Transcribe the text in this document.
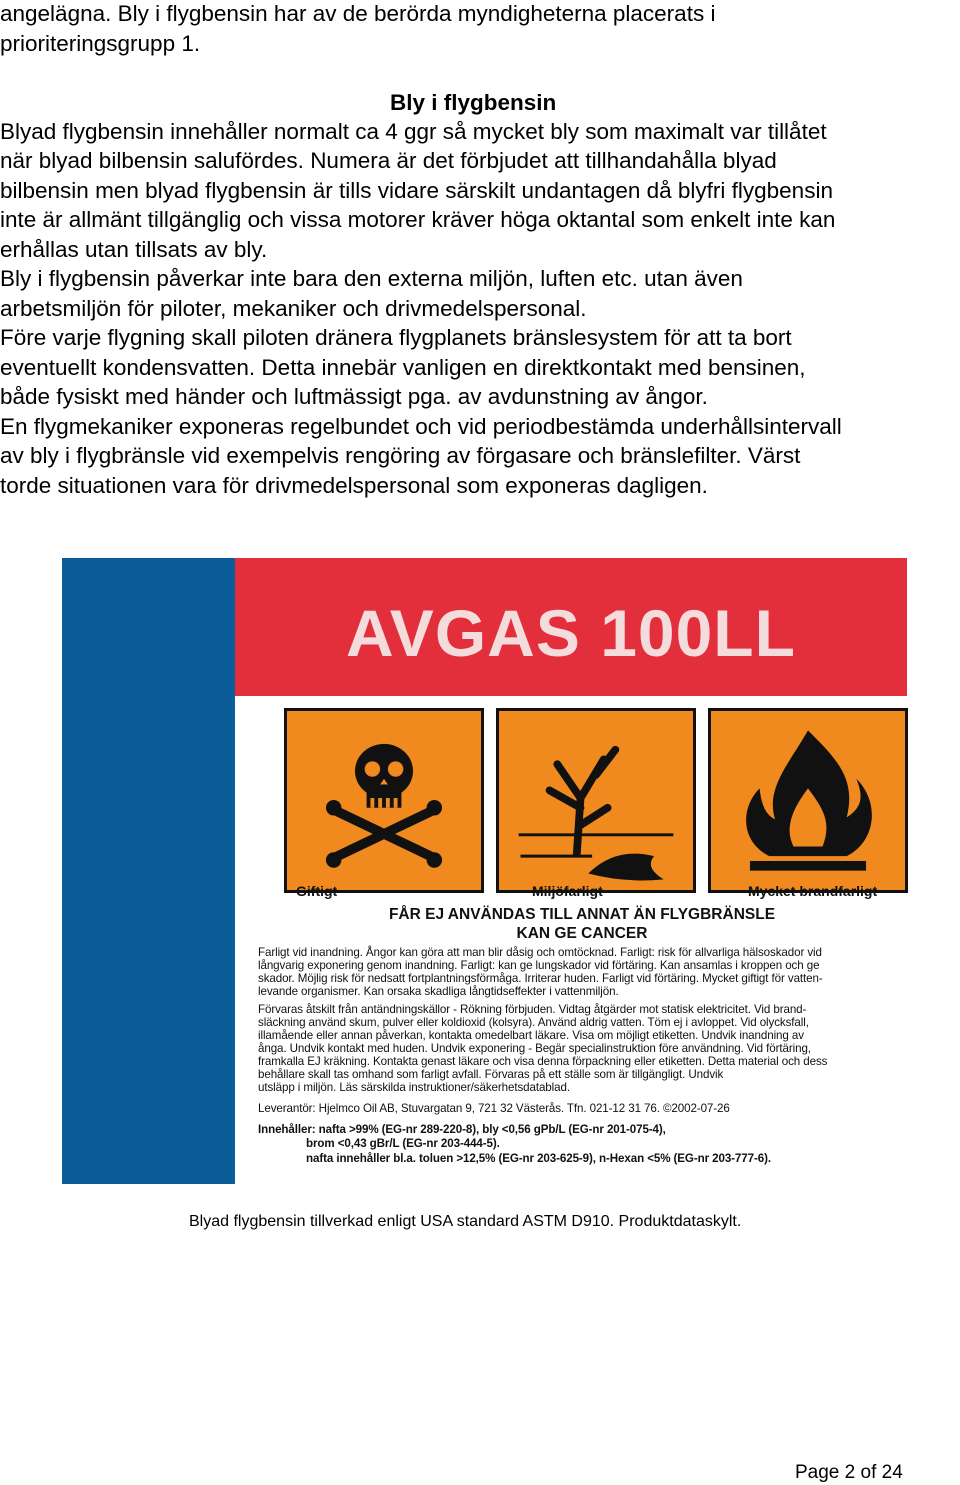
angelägna. Bly i flygbensin har av de berörda myndigheterna placerats i
prioriteringsgrupp 1.
Bly i flygbensin
Blyad flygbensin innehåller normalt ca 4 ggr så mycket bly som maximalt var tillåtet
när blyad bilbensin salufördes. Numera är det förbjudet att tillhandahålla blyad
bilbensin men blyad flygbensin är tills vidare särskilt undantagen då blyfri flygbensin
inte är allmänt tillgänglig och vissa motorer kräver höga oktantal som enkelt inte kan
erhållas utan tillsats av bly.
Bly i flygbensin påverkar inte bara den externa miljön, luften etc. utan även
arbetsmiljön för piloter, mekaniker och drivmedelspersonal.
Före varje flygning skall piloten dränera flygplanets bränslesystem för att ta bort
eventuellt kondensvatten. Detta innebär vanligen en direktkontakt med bensinen,
både fysiskt med händer och luftmässigt pga. av avdunstning av ångor.
En flygmekaniker exponeras regelbundet och vid periodbestämda underhållsintervall
av bly i flygbränsle vid exempelvis rengöring av förgasare och bränslefilter. Värst
torde situationen vara för drivmedelspersonal som exponeras dagligen.
AVGAS 100LL
Giftigt	Miljöfarligt	Mycket brandfarligt
FÅR EJ ANVÄNDAS TILL ANNAT ÄN FLYGBRÄNSLE
KAN GE CANCER
Farligt vid inandning. Ångor kan göra att man blir dåsig och omtöcknad. Farligt: risk för allvarliga hälsoskador vid
långvarig exponering genom inandning. Farligt: kan ge lungskador vid förtäring. Kan ansamlas i kroppen och ge
skador. Möjlig risk för nedsatt fortplantningsförmåga. Irriterar huden. Farligt vid förtäring. Mycket giftigt för vatten-
levande organismer. Kan orsaka skadliga långtidseffekter i vattenmiljön.
Förvaras åtskilt från antändningskällor - Rökning förbjuden. Vidtag åtgärder mot statisk elektricitet. Vid brand-
släckning använd skum, pulver eller koldioxid (kolsyra). Använd aldrig vatten. Töm ej i avloppet. Vid olycksfall,
illamående eller annan påverkan, kontakta omedelbart läkare. Visa om möjligt etiketten. Undvik inandning av
ånga. Undvik kontakt med huden. Undvik exponering - Begär specialinstruktion före användning. Vid förtäring,
framkalla EJ kräkning. Kontakta genast läkare och visa denna förpackning eller etiketten. Detta material och dess
behållare skall tas omhand som farligt avfall. Förvaras på ett ställe som är tillgängligt. Undvik
utsläpp i miljön. Läs särskilda instruktioner/säkerhetsdatablad.
Leverantör: Hjelmco Oil AB, Stuvargatan 9, 721 32 Västerås. Tfn. 021-12 31 76. ©2002-07-26
Innehåller: nafta >99% (EG-nr 289-220-8), bly <0,56 gPb/L (EG-nr 201-075-4),
brom <0,43 gBr/L (EG-nr 203-444-5).
nafta innehåller bl.a. toluen >12,5% (EG-nr 203-625-9), n-Hexan <5% (EG-nr 203-777-6).
Blyad flygbensin tillverkad enligt USA standard ASTM D910. Produktdataskylt.
Page 2 of 24
